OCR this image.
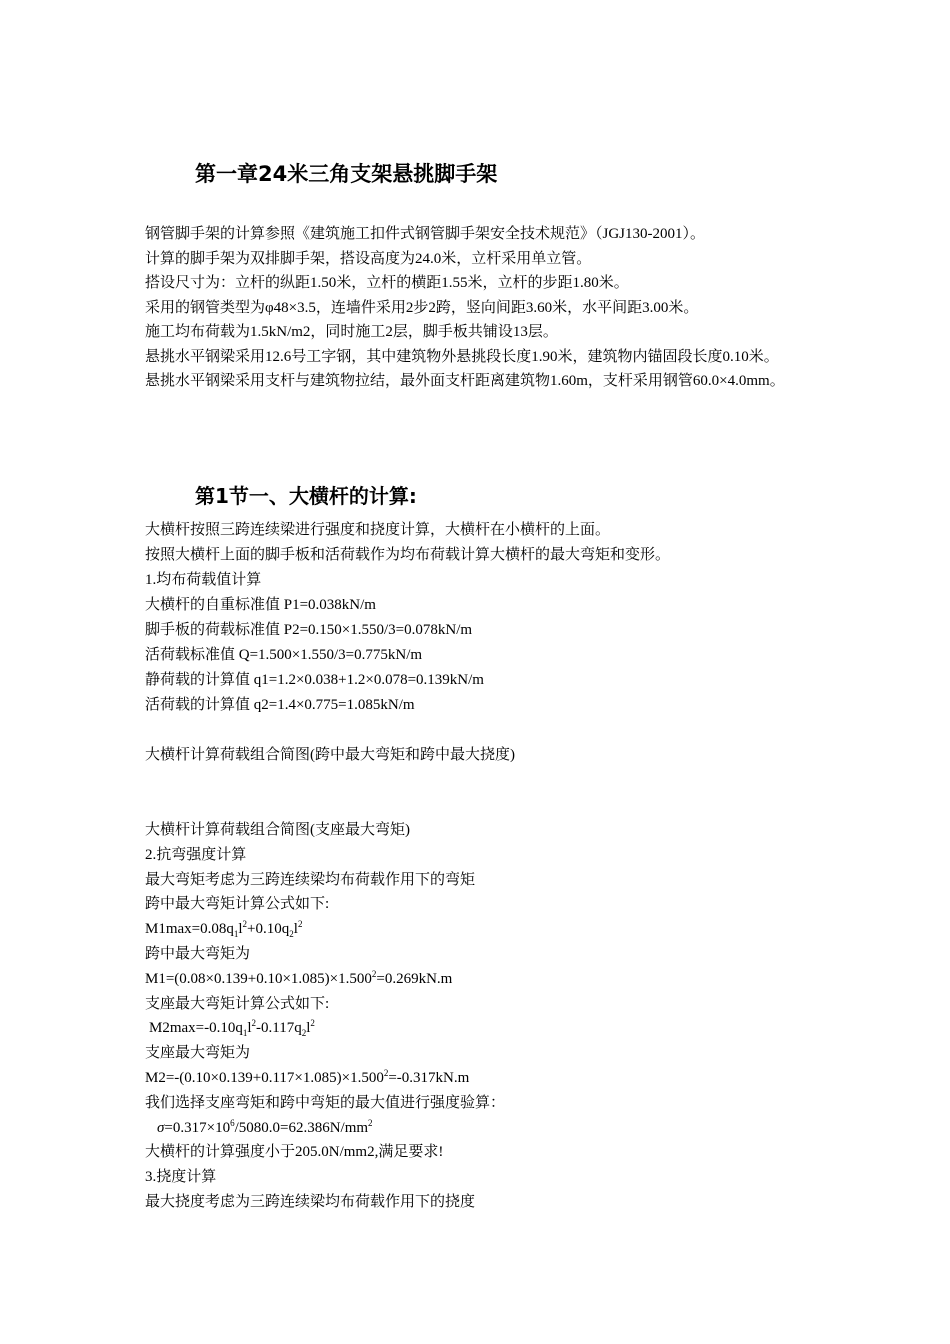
第一章24米三角支架悬挑脚手架

钢管脚手架的计算参照《建筑施工扣件式钢管脚手架安全技术规范》（JGJ130-2001）。

计算的脚手架为双排脚手架，搭设高度为24.0米，立杆采用单立管。

搭设尺寸为：立杆的纵距1.50米，立杆的横距1.55米，立杆的步距1.80米。

采用的钢管类型为φ48×3.5，连墙件采用2步2跨，竖向间距3.60米，水平间距3.00米。

施工均布荷载为1.5kN/m2，同时施工2层，脚手板共铺设13层。

悬挑水平钢梁采用12.6号工字钢，其中建筑物外悬挑段长度1.90米，建筑物内锚固段长度0.10米。

悬挑水平钢梁采用支杆与建筑物拉结，最外面支杆距离建筑物1.60m，支杆采用钢管60.0×4.0mm。

第1节一、大横杆的计算:

大横杆按照三跨连续梁进行强度和挠度计算，大横杆在小横杆的上面。

按照大横杆上面的脚手板和活荷载作为均布荷载计算大横杆的最大弯矩和变形。

1.均布荷载值计算

大横杆的自重标准值 P1=0.038kN/m

脚手板的荷载标准值 P2=0.150×1.550/3=0.078kN/m

活荷载标准值 Q=1.500×1.550/3=0.775kN/m

静荷载的计算值 q1=1.2×0.038+1.2×0.078=0.139kN/m

活荷载的计算值 q2=1.4×0.775=1.085kN/m

大横杆计算荷载组合简图(跨中最大弯矩和跨中最大挠度)

大横杆计算荷载组合简图(支座最大弯矩)

2.抗弯强度计算

最大弯矩考虑为三跨连续梁均布荷载作用下的弯矩

跨中最大弯矩计算公式如下:

$M1\max=0.08q_1l^2+0.10q_2l^2$

跨中最大弯矩为

$M1=(0.08\times 0.139+0.10\times 1.085)\times 1.500^2=0.269kN.m$

支座最大弯矩计算公式如下:

$M2\max=-0.10q_1l^2-0.117q_2l^2$

支座最大弯矩为

$M2=-(0.10\times 0.139+0.117\times 1.085)\times 1.500^2=-0.317kN.m$

我们选择支座弯矩和跨中弯矩的最大值进行强度验算：

$\sigma=0.317\times 10^6/5080.0=62.386N/mm^2$

大横杆的计算强度小于205.0N/mm2,满足要求!

3.挠度计算

最大挠度考虑为三跨连续梁均布荷载作用下的挠度
